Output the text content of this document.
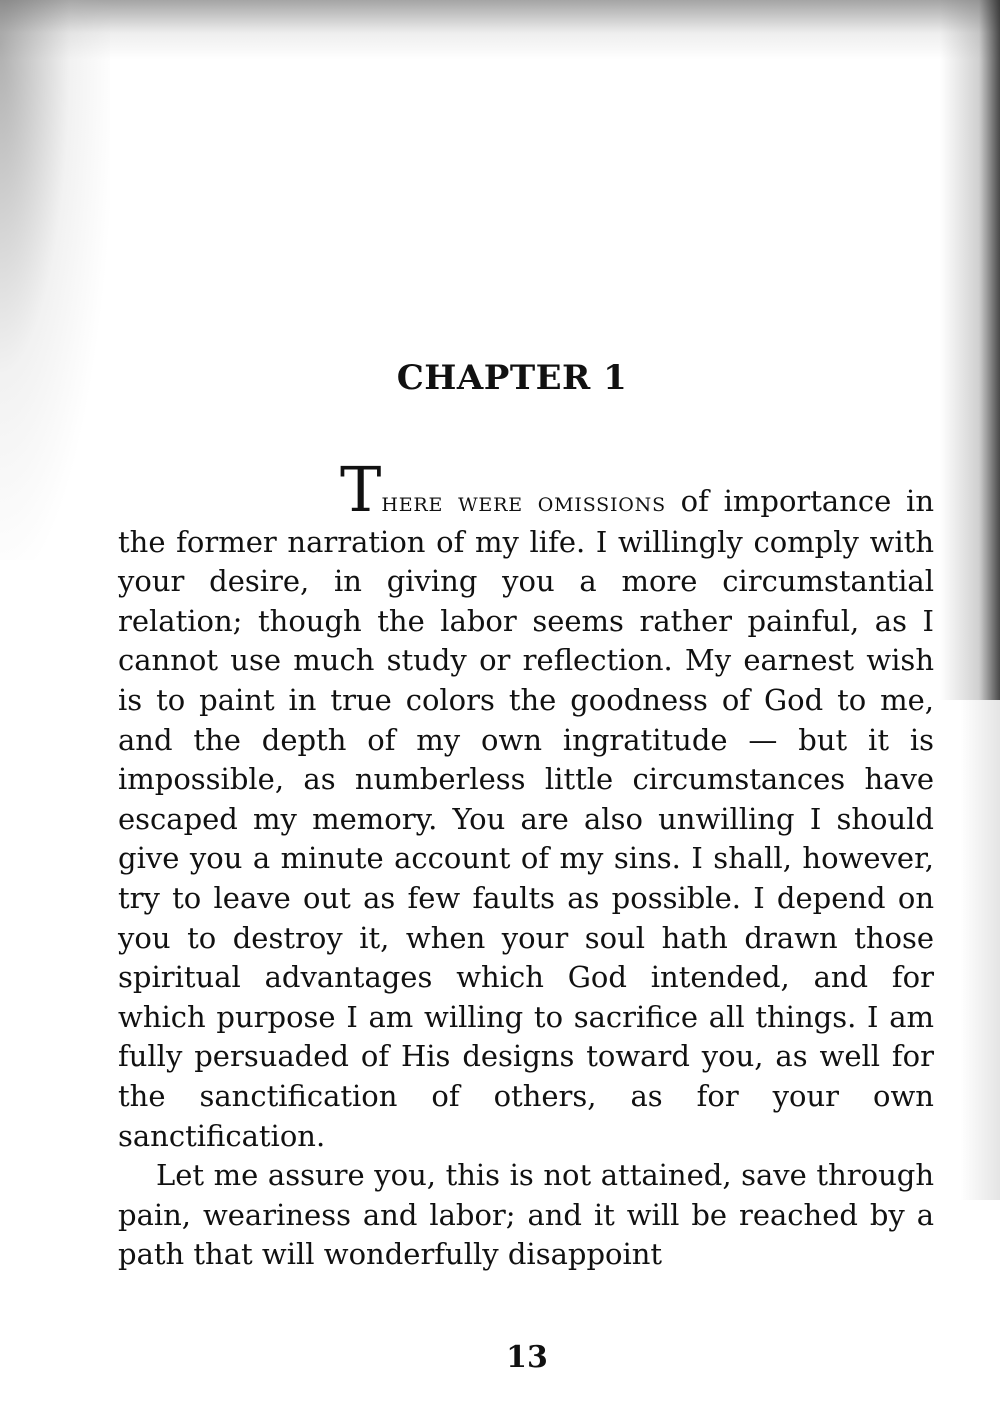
CHAPTER 1

There were omissions of importance in the former narration of my life. I willingly comply with your desire, in giving you a more circumstantial relation; though the labor seems rather painful, as I cannot use much study or reflection. My earnest wish is to paint in true colors the goodness of God to me, and the depth of my own ingratitude — but it is impossible, as numberless little circumstances have escaped my memory. You are also unwilling I should give you a minute account of my sins. I shall, however, try to leave out as few faults as possible. I depend on you to destroy it, when your soul hath drawn those spiritual advantages which God intended, and for which purpose I am willing to sacrifice all things. I am fully persuaded of His designs toward you, as well for the sanctification of others, as for your own sanctification.

Let me assure you, this is not attained, save through pain, weariness and labor; and it will be reached by a path that will wonderfully disappoint

13
